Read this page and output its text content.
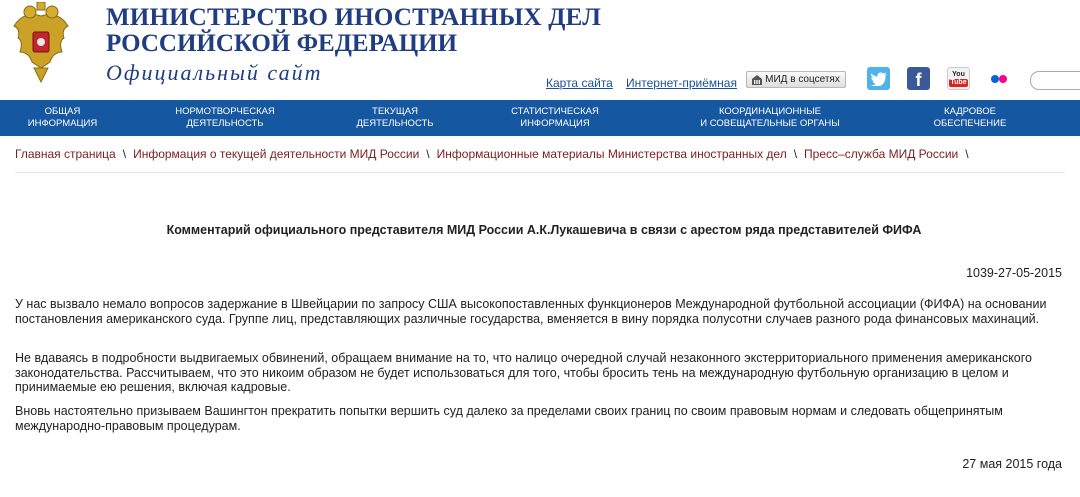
МИНИСТЕРСТВО ИНОСТРАННЫХ ДЕЛ
РОССИЙСКОЙ ФЕДЕРАЦИИ
Официальный сайт	Карта сайта Интернет-приёмная	МИД в соцсетях	f	You
Tube
ОБЩАЯ
ИНФОРМАЦИЯ
НОРМОТВОРЧЕСКАЯ
ДЕЯТЕЛЬНОСТЬ
ТЕКУЩАЯ
ДЕЯТЕЛЬНОСТЬ
СТАТИСТИЧЕСКАЯ
ИНФОРМАЦИЯ
КООРДИНАЦИОННЫЕ
И СОВЕЩАТЕЛЬНЫЕ ОРГАНЫ
КАДРОВОЕ
ОБЕСПЕЧЕНИЕ
Главная страница \ Информация о текущей деятельности МИД России \ Информационные материалы Министерства иностранных дел \ Пресс–служба МИД России \
Комментарий официального представителя МИД России А.К.Лукашевича в связи с арестом ряда представителей ФИФА
1039-27-05-2015
У нас вызвало немало вопросов задержание в Швейцарии по запросу США высокопоставленных функционеров Международной футбольной ассоциации (ФИФА) на основании постановления американского суда. Группе лиц, представляющих различные государства, вменяется в вину порядка полусотни случаев разного рода финансовых махинаций.
Не вдаваясь в подробности выдвигаемых обвинений, обращаем внимание на то, что налицо очередной случай незаконного экстерриториального применения американского законодательства. Рассчитываем, что это никоим образом не будет использоваться для того, чтобы бросить тень на международную футбольную организацию в целом и принимаемые ею решения, включая кадровые.
Вновь настоятельно призываем Вашингтон прекратить попытки вершить суд далеко за пределами своих границ по своим правовым нормам и следовать общепринятым международно-правовым процедурам.
27 мая 2015 года
